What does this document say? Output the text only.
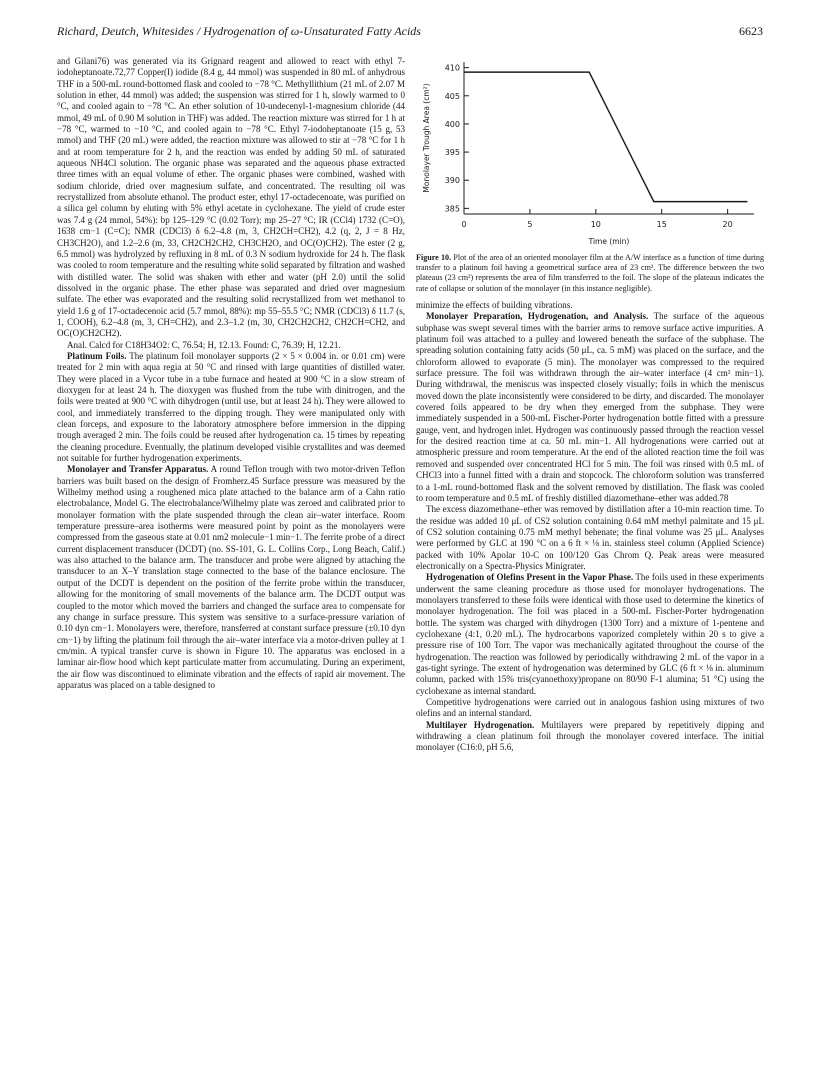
Richard, Deutch, Whitesides / Hydrogenation of ω-Unsaturated Fatty Acids	6623

and Gilani76) was generated via its Grignard reagent and allowed to react with ethyl 7-iodoheptanoate.72,77 Copper(I) iodide (8.4 g, 44 mmol) was suspended in 80 mL of anhydrous THF in a 500-mL round-bottomed flask and cooled to −78 °C. Methyllithium (21 mL of 2.07 M solution in ether, 44 mmol) was added; the suspension was stirred for 1 h, slowly warmed to 0 °C, and cooled again to −78 °C. An ether solution of 10-undecenyl-1-magnesium chloride (44 mmol, 49 mL of 0.90 M solution in THF) was added. The reaction mixture was stirred for 1 h at −78 °C, warmed to −10 °C, and cooled again to −78 °C. Ethyl 7-iodoheptanoate (15 g, 53 mmol) and THF (20 mL) were added, the reaction mixture was allowed to stir at −78 °C for 1 h and at room temperature for 2 h, and the reaction was ended by adding 50 mL of saturated aqueous NH4Cl solution. The organic phase was separated and the aqueous phase extracted three times with an equal volume of ether. The organic phases were combined, washed with sodium chloride, dried over magnesium sulfate, and concentrated. The resulting oil was recrystallized from absolute ethanol. The product ester, ethyl 17-octadecenoate, was purified on a silica gel column by eluting with 5% ethyl acetate in cyclohexane. The yield of crude ester was 7.4 g (24 mmol, 54%): bp 125–129 °C (0.02 Torr); mp 25–27 °C; IR (CCl4) 1732 (C=O), 1638 cm−1 (C=C); NMR (CDCl3) δ 6.2–4.8 (m, 3, CH2CH=CH2), 4.2 (q, 2, J = 8 Hz, CH3CH2O), and 1.2–2.6 (m, 33, CH2CH2CH2, CH3CH2O, and OC(O)CH2). The ester (2 g, 6.5 mmol) was hydrolyzed by refluxing in 8 mL of 0.3 N sodium hydroxide for 24 h. The flask was cooled to room temperature and the resulting white solid separated by filtration and washed with distilled water. The solid was shaken with ether and water (pH 2.0) until the solid dissolved in the organic phase. The ether phase was separated and dried over magnesium sulfate. The ether was evaporated and the resulting solid recrystallized from wet methanol to yield 1.6 g of 17-octadecenoic acid (5.7 mmol, 88%): mp 55–55.5 °C; NMR (CDCl3) δ 11.7 (s, 1, COOH), 6.2–4.8 (m, 3, CH=CH2), and 2.3–1.2 (m, 30, CH2CH2CH2, CH2CH=CH2, and OC(O)CH2CH2).

Anal. Calcd for C18H34O2: C, 76.54; H, 12.13. Found: C, 76.39; H, 12.21.

Platinum Foils. The platinum foil monolayer supports (2 × 5 × 0.004 in. or 0.01 cm) were treated for 2 min with aqua regia at 50 °C and rinsed with large quantities of distilled water. They were placed in a Vycor tube in a tube furnace and heated at 900 °C in a slow stream of dioxygen for at least 24 h. The dioxygen was flushed from the tube with dinitrogen, and the foils were treated at 900 °C with dihydrogen (until use, but at least 24 h). They were allowed to cool, and immediately transferred to the dipping trough. They were manipulated only with clean forceps, and exposure to the laboratory atmosphere before immersion in the dipping trough averaged 2 min. The foils could be reused after hydrogenation ca. 15 times by repeating the cleaning procedure. Eventually, the platinum developed visible crystallites and was deemed not suitable for further hydrogenation experiments.

Monolayer and Transfer Apparatus. A round Teflon trough with two motor-driven Teflon barriers was built based on the design of Fromherz.45 Surface pressure was measured by the Wilhelmy method using a roughened mica plate attached to the balance arm of a Cahn ratio electrobalance, Model G. The electrobalance/Wilhelmy plate was zeroed and calibrated prior to monolayer formation with the plate suspended through the clean air–water interface. Room temperature pressure–area isotherms were measured point by point as the monolayers were compressed from the gaseous state at 0.01 nm2 molecule−1 min−1. The ferrite probe of a direct current displacement transducer (DCDT) (no. SS-101, G. L. Collins Corp., Long Beach, Calif.) was also attached to the balance arm. The transducer and probe were aligned by attaching the transducer to an X–Y translation stage connected to the base of the balance enclosure. The output of the DCDT is dependent on the position of the ferrite probe within the transducer, allowing for the monitoring of small movements of the balance arm. The DCDT output was coupled to the motor which moved the barriers and changed the surface area to compensate for any change in surface pressure. This system was sensitive to a surface-pressure variation of 0.10 dyn cm−1. Monolayers were, therefore, transferred at constant surface pressure (±0.10 dyn cm−1) by lifting the platinum foil through the air–water interface via a motor-driven pulley at 1 cm/min. A typical transfer curve is shown in Figure 10. The apparatus was enclosed in a laminar air-flow hood which kept particulate matter from accumulating. During an experiment, the air flow was discontinued to eliminate vibration and the effects of rapid air movement. The apparatus was placed on a table designed to

385
390
395
400
405
410
0	5	10	15	20
Time (min)
Monolayer Trough Area (cm²)
Figure 10. Plot of the area of an oriented monolayer film at the A/W interface as a function of time during transfer to a platinum foil having a geometrical surface area of 23 cm². The difference between the two plateaus (23 cm²) represents the area of film transferred to the foil. The slope of the plateaus indicates the rate of collapse or solution of the monolayer (in this instance negligible).

minimize the effects of building vibrations.

Monolayer Preparation, Hydrogenation, and Analysis. The surface of the aqueous subphase was swept several times with the barrier arms to remove surface active impurities. A platinum foil was attached to a pulley and lowered beneath the surface of the subphase. The spreading solution containing fatty acids (50 μL, ca. 5 mM) was placed on the surface, and the chloroform allowed to evaporate (5 min). The monolayer was compressed to the required surface pressure. The foil was withdrawn through the air–water interface (4 cm² min−1). During withdrawal, the meniscus was inspected closely visually; foils in which the meniscus moved down the plate inconsistently were considered to be dirty, and discarded. The monolayer covered foils appeared to be dry when they emerged from the subphase. They were immediately suspended in a 500-mL Fischer-Porter hydrogenation bottle fitted with a pressure gauge, vent, and hydrogen inlet. Hydrogen was continuously passed through the reaction vessel for the desired reaction time at ca. 50 mL min−1. All hydrogenations were carried out at atmospheric pressure and room temperature. At the end of the alloted reaction time the foil was removed and suspended over concentrated HCl for 5 min. The foil was rinsed with 0.5 mL of CHCl3 into a funnel fitted with a drain and stopcock. The chloroform solution was transferred to a 1-mL round-bottomed flask and the solvent removed by distillation. The flask was cooled to room temperature and 0.5 mL of freshly distilled diazomethane–ether was added.78

The excess diazomethane–ether was removed by distillation after a 10-min reaction time. To the residue was added 10 μL of CS2 solution containing 0.64 mM methyl palmitate and 15 μL of CS2 solution containing 0.75 mM methyl behenate; the final volume was 25 μL. Analyses were performed by GLC at 190 °C on a 6 ft × ⅛ in. stainless steel column (Applied Science) packed with 10% Apolar 10-C on 100/120 Gas Chrom Q. Peak areas were measured electronically on a Spectra-Physics Minigrater.

Hydrogenation of Olefins Present in the Vapor Phase. The foils used in these experiments underwent the same cleaning procedure as those used for monolayer hydrogenations. The monolayers transferred to these foils were identical with those used to determine the kinetics of monolayer hydrogenation. The foil was placed in a 500-mL Fischer-Porter hydrogenation bottle. The system was charged with dihydrogen (1300 Torr) and a mixture of 1-pentene and cyclohexane (4:1, 0.20 mL). The hydrocarbons vaporized completely within 20 s to give a pressure rise of 100 Torr. The vapor was mechanically agitated throughout the course of the hydrogenation. The reaction was followed by periodically withdrawing 2 mL of the vapor in a gas-tight syringe. The extent of hydrogenation was determined by GLC (6 ft × ⅛ in. aluminum column, packed with 15% tris(cyanoethoxy)propane on 80/90 F-1 alumina; 51 °C) using the cyclohexane as internal standard.

Competitive hydrogenations were carried out in analogous fashion using mixtures of two olefins and an internal standard.

Multilayer Hydrogenation. Multilayers were prepared by repetitively dipping and withdrawing a clean platinum foil through the monolayer covered interface. The initial monolayer (C16:0, pH 5.6,
